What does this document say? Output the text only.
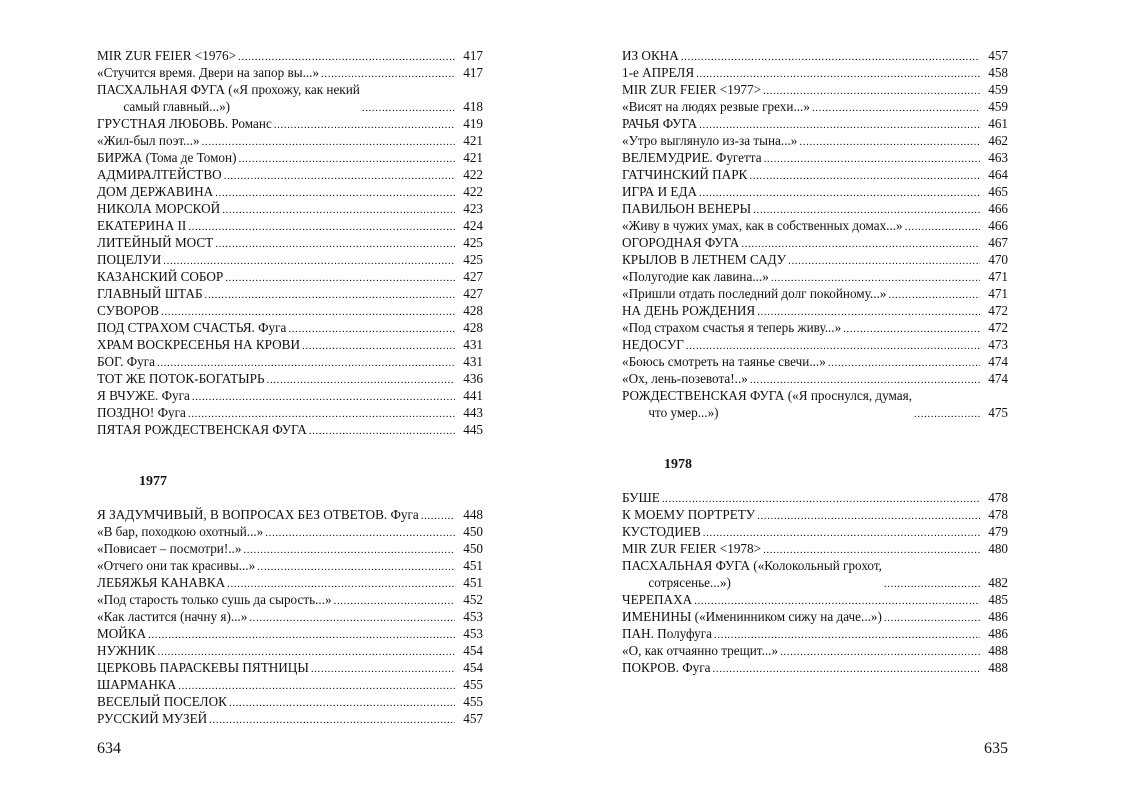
MIR ZUR FEIER <1976> .....	417
«Стучится время. Двери на запор вы...» .....	417
ПАСХАЛЬНАЯ ФУГА («Я прохожу, как некий
самый главный...») .....	418
ГРУСТНАЯ ЛЮБОВЬ. Романс .....	419
«Жил-был поэт...» .....	421
БИРЖА (Тома де Томон) .....	421
АДМИРАЛТЕЙСТВО .....	422
ДОМ ДЕРЖАВИНА .....	422
НИКОЛА МОРСКОЙ .....	423
ЕКАТЕРИНА II .....	424
ЛИТЕЙНЫЙ МОСТ .....	425
ПОЦЕЛУИ .....	425
КАЗАНСКИЙ СОБОР .....	427
ГЛАВНЫЙ ШТАБ .....	427
СУВОРОВ .....	428
ПОД СТРАХОМ СЧАСТЬЯ. Фуга .....	428
ХРАМ ВОСКРЕСЕНЬЯ НА КРОВИ .....	431
БОГ. Фуга .....	431
ТОТ ЖЕ ПОТОК-БОГАТЫРЬ .....	436
Я ВЧУЖЕ. Фуга .....	441
ПОЗДНО! Фуга .....	443
ПЯТАЯ РОЖДЕСТВЕНСКАЯ ФУГА .....	445
1977
Я ЗАДУМЧИВЫЙ, В ВОПРОСАХ БЕЗ ОТВЕТОВ. Фуга .....	448
«В бар, походкою охотный...» .....	450
«Повисает – посмотри!..» .....	450
«Отчего они так красивы...» .....	451
ЛЕБЯЖЬЯ КАНАВКА .....	451
«Под старость только сушь да сырость...» .....	452
«Как ластится (начну я)...» .....	453
МОЙКА .....	453
НУЖНИК .....	454
ЦЕРКОВЬ ПАРАСКЕВЫ ПЯТНИЦЫ .....	454
ШАРМАНКА .....	455
ВЕСЕЛЫЙ ПОСЕЛОК .....	455
РУССКИЙ МУЗЕЙ .....	457
634
ИЗ ОКНА .....	457
1-е АПРЕЛЯ .....	458
MIR ZUR FEIER <1977> .....	459
«Висят на людях резвые грехи...» .....	459
РАЧЬЯ ФУГА .....	461
«Утро выглянуло из-за тына...» .....	462
ВЕЛЕМУДРИЕ. Фугетта .....	463
ГАТЧИНСКИЙ ПАРК .....	464
ИГРА И ЕДА .....	465
ПАВИЛЬОН ВЕНЕРЫ .....	466
«Живу в чужих умах, как в собственных домах...» .....	466
ОГОРОДНАЯ ФУГА .....	467
КРЫЛОВ В ЛЕТНЕМ САДУ .....	470
«Полугодие как лавина...» .....	471
«Пришли отдать последний долг покойному...» .....	471
НА ДЕНЬ РОЖДЕНИЯ .....	472
«Под страхом счастья я теперь живу...» .....	472
НЕДОСУГ .....	473
«Боюсь смотреть на таянье свечи...» .....	474
«Ох, лень-позевота!..» .....	474
РОЖДЕСТВЕНСКАЯ ФУГА («Я проснулся, думая,
что умер...») .....	475
1978
БУШЕ .....	478
К МОЕМУ ПОРТРЕТУ .....	478
КУСТОДИЕВ .....	479
MIR ZUR FEIER <1978> .....	480
ПАСХАЛЬНАЯ ФУГА («Колокольный грохот,
сотрясенье...») .....	482
ЧЕРЕПАХА .....	485
ИМЕНИНЫ («Именинником сижу на даче...») .....	486
ПАН. Полуфуга .....	486
«О, как отчаянно трещит...» .....	488
ПОКРОВ. Фуга .....	488
635
